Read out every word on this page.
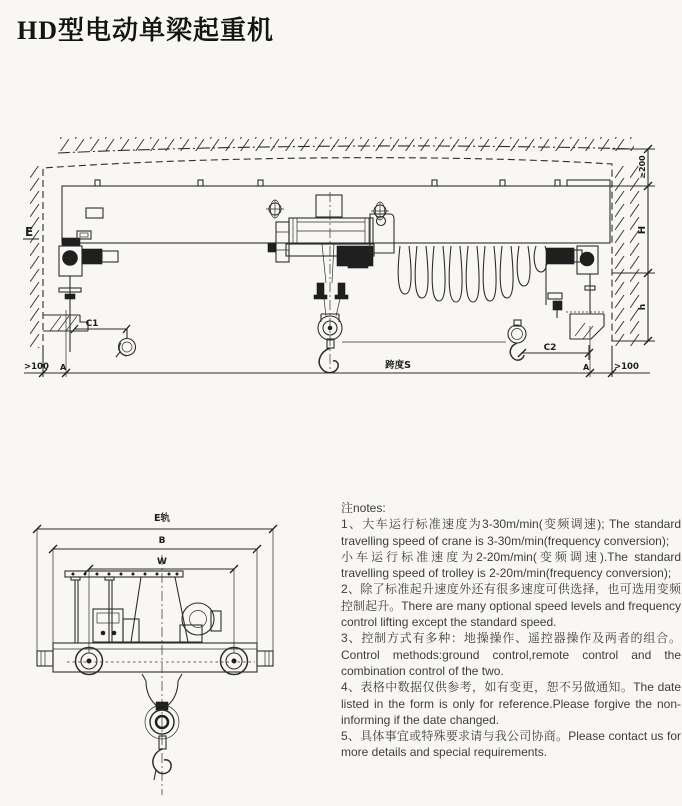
HD型电动单梁起重机
C1
C2
>100 A	跨度S	A	>100
≥200
H
h
E
E轨
B
W

注notes:

1、大车运行标准速度为3-30m/min(变频调速); The standard travelling speed of crane is 3-30m/min(frequency conversion);

小车运行标准速度为2-20m/min(变频调速).The standard travelling speed of trolley is 2-20m/min(frequency conversion);

2、除了标准起升速度外还有很多速度可供选择，也可选用变频控制起升。There are many optional speed levels and frequency control lifting except the standard speed.

3、控制方式有多种：地操操作、遥控器操作及两者的组合。Control methods:ground control,remote control and the combination control of the two.

4、表格中数据仅供参考，如有变更，恕不另做通知。The date listed in the form is only for reference.Please forgive the non-informing if the date changed.

5、具体事宜或特殊要求请与我公司协商。Please contact us for more details and special requirements.
